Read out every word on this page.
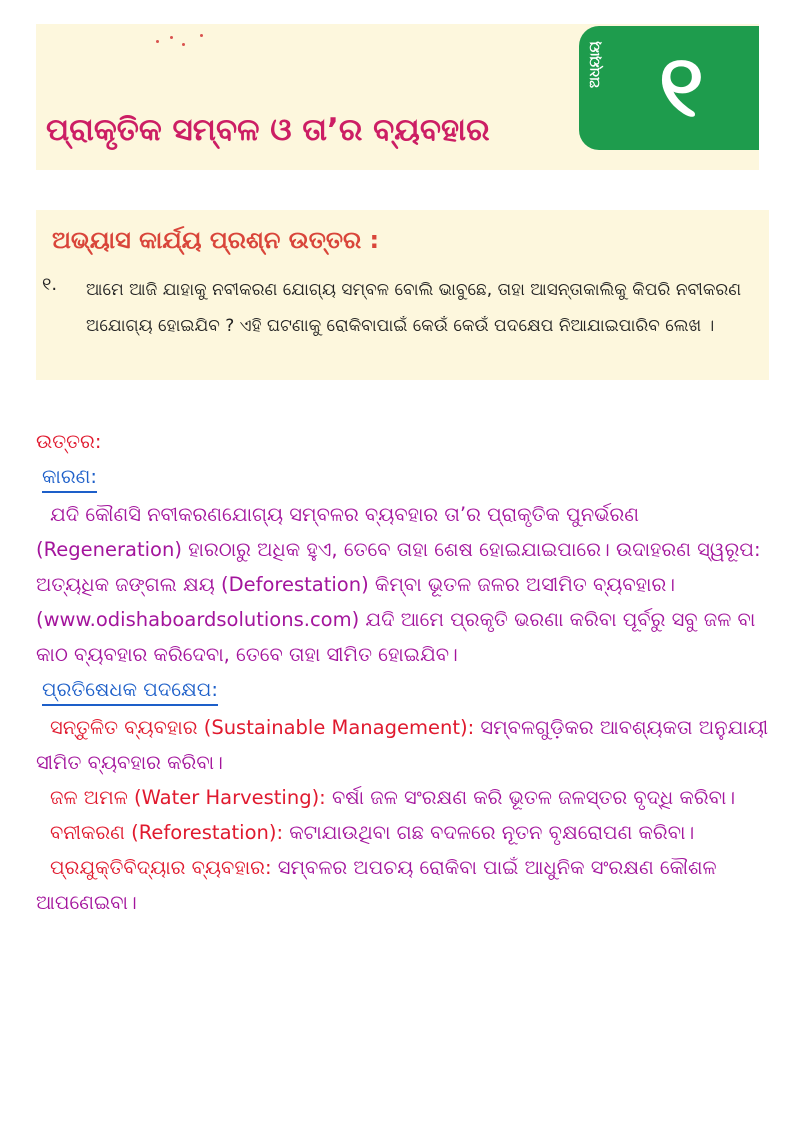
ପ୍ରାକୃତିକ ସମ୍ବଳ ଓ ତା’ର ବ୍ୟବହାର
ଅଧ୍ୟାୟ ୧
ଅଭ୍ୟାସ କାର୍ଯ୍ୟ ପ୍ରଶ୍ନ ଉତ୍ତର :
୧. ଆମେ ଆଜି ଯାହାକୁ ନବୀକରଣ ଯୋଗ୍ୟ ସମ୍ବଳ ବୋଲି ଭାବୁଛେ, ତାହା ଆସନ୍ତାକାଲିକୁ କିପରି ନବୀକରଣ ଅଯୋଗ୍ୟ ହୋଇଯିବ ? ଏହି ଘଟଣାକୁ ରୋକିବାପାଇଁ କେଉଁ କେଉଁ ପଦକ୍ଷେପ ନିଆଯାଇପାରିବ ଲେଖ ।
ଉତ୍ତର:
କାରଣ:
ଯଦି କୌଣସି ନବୀକରଣଯୋଗ୍ୟ ସମ୍ବଳର ବ୍ୟବହାର ତା’ର ପ୍ରାକୃତିକ ପୁନର୍ଭରଣ (Regeneration) ହାରଠାରୁ ଅଧିକ ହୁଏ, ତେବେ ତାହା ଶେଷ ହୋଇଯାଇପାରେ। ଉଦାହରଣ ସ୍ୱରୂପ: ଅତ୍ୟଧିକ ଜଙ୍ଗଲ କ୍ଷୟ (Deforestation) କିମ୍ବା ଭୂତଳ ଜଳର ଅସୀମିତ ବ୍ୟବହାର।(www.odishaboardsolutions.com) ଯଦି ଆମେ ପ୍ରକୃତି ଭରଣା କରିବା ପୂର୍ବରୁ ସବୁ ଜଳ ବା କାଠ ବ୍ୟବହାର କରିଦେବା, ତେବେ ତାହା ସୀମିତ ହୋଇଯିବ।
ପ୍ରତିଷେଧକ ପଦକ୍ଷେପ:
ସନ୍ତୁଳିତ ବ୍ୟବହାର (Sustainable Management): ସମ୍ବଳଗୁଡ଼ିକର ଆବଶ୍ୟକତା ଅନୁଯାୟୀ ସୀମିତ ବ୍ୟବହାର କରିବା।
ଜଳ ଅମଳ (Water Harvesting): ବର୍ଷା ଜଳ ସଂରକ୍ଷଣ କରି ଭୂତଳ ଜଳସ୍ତର ବୃଦ୍ଧି କରିବା।
ବନୀକରଣ (Reforestation): କଟାଯାଉଥିବା ଗଛ ବଦଳରେ ନୂତନ ବୃକ୍ଷରୋପଣ କରିବା।
ପ୍ରଯୁକ୍ତିବିଦ୍ୟାର ବ୍ୟବହାର: ସମ୍ବଳର ଅପଚୟ ରୋକିବା ପାଇଁ ଆଧୁନିକ ସଂରକ୍ଷଣ କୌଶଳ ଆପଣେଇବା।
